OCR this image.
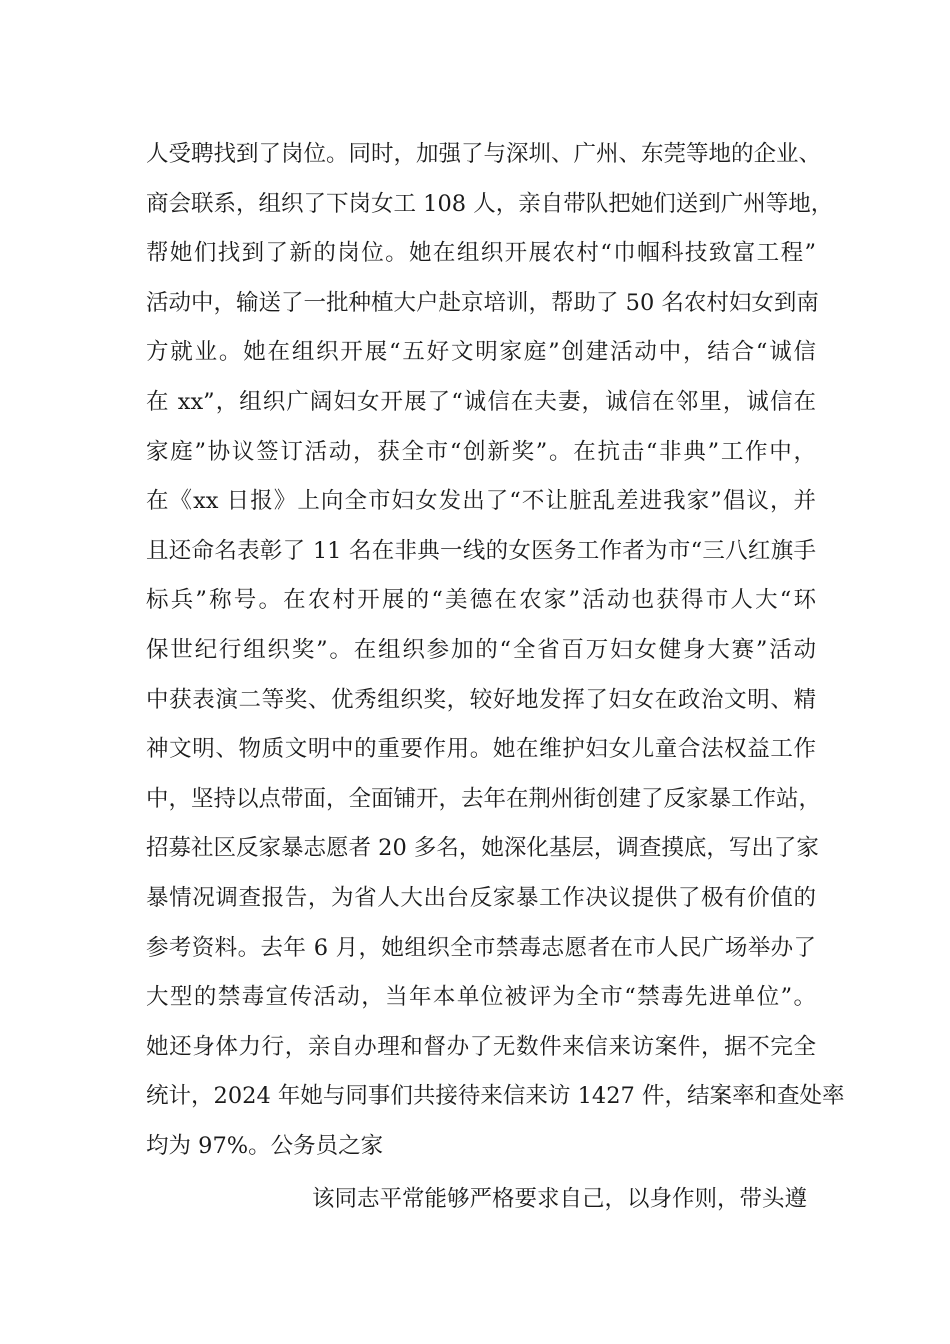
人受聘找到了岗位。同时，加强了与深圳、广州、东莞等地的企业、
商会联系，组织了下岗女工 108 人，亲自带队把她们送到广州等地，
帮她们找到了新的岗位。她在组织开展农村“巾帼科技致富工程”
活动中，输送了一批种植大户赴京培训，帮助了 50 名农村妇女到南
方就业。她在组织开展“五好文明家庭”创建活动中，结合“诚信
在 xx”，组织广阔妇女开展了“诚信在夫妻，诚信在邻里，诚信在
家庭”协议签订活动，获全市“创新奖”。在抗击“非典”工作中，
在《xx 日报》上向全市妇女发出了“不让脏乱差进我家”倡议，并
且还命名表彰了 11 名在非典一线的女医务工作者为市“三八红旗手
标兵”称号。在农村开展的“美德在农家”活动也获得市人大“环
保世纪行组织奖”。在组织参加的“全省百万妇女健身大赛”活动
中获表演二等奖、优秀组织奖，较好地发挥了妇女在政治文明、精
神文明、物质文明中的重要作用。她在维护妇女儿童合法权益工作
中，坚持以点带面，全面铺开，去年在荆州街创建了反家暴工作站，
招募社区反家暴志愿者 20 多名，她深化基层，调查摸底，写出了家
暴情况调查报告，为省人大出台反家暴工作决议提供了极有价值的
参考资料。去年 6 月，她组织全市禁毒志愿者在市人民广场举办了
大型的禁毒宣传活动，当年本单位被评为全市“禁毒先进单位”。
她还身体力行，亲自办理和督办了无数件来信来访案件，据不完全
统计，2024 年她与同事们共接待来信来访 1427 件，结案率和查处率
均为 97%。公务员之家
该同志平常能够严格要求自己，以身作则，带头遵
